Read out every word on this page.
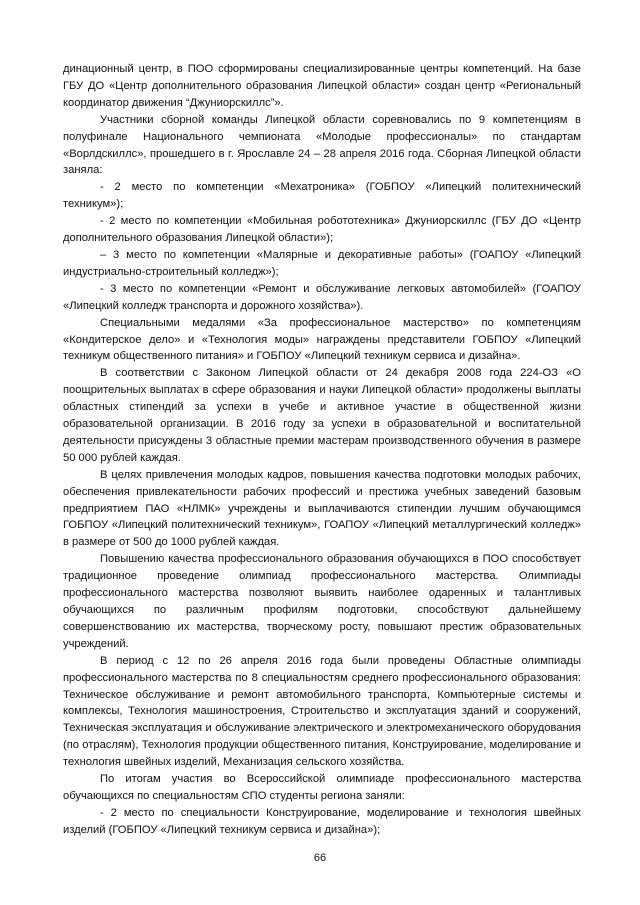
динационный центр, в ПОО сформированы специализированные центры компетенций. На базе ГБУ ДО «Центр дополнительного образования Липецкой области» создан центр «Региональный координатор движения “Джуниорскиллс”».

Участники сборной команды Липецкой области соревновались по 9 компетенциям в полуфинале Национального чемпионата «Молодые профессионалы» по стандартам «Ворлдскиллс», прошедшего в г. Ярославле 24 – 28 апреля 2016 года. Сборная Липецкой области заняла:

- 2 место по компетенции «Мехатроника» (ГОБПОУ «Липецкий политехнический техникум»);

- 2 место по компетенции «Мобильная робототехника» Джуниорскиллс (ГБУ ДО «Центр дополнительного образования Липецкой области»);

– 3 место по компетенции «Малярные и декоративные работы» (ГОАПОУ «Липецкий индустриально-строительный колледж»);

- 3 место по компетенции «Ремонт и обслуживание легковых автомобилей» (ГОАПОУ «Липецкий колледж транспорта и дорожного хозяйства»).

Специальными медалями «За профессиональное мастерство» по компетенциям «Кондитерское дело» и «Технология моды» награждены представители ГОБПОУ «Липецкий техникум общественного питания» и ГОБПОУ «Липецкий техникум сервиса и дизайна».

В соответствии с Законом Липецкой области от 24 декабря 2008 года 224-ОЗ «О поощрительных выплатах в сфере образования и науки Липецкой области» продолжены выплаты областных стипендий за успехи в учебе и активное участие в общественной жизни образовательной организации. В 2016 году за успехи в образовательной и воспитательной деятельности присуждены 3 областные премии мастерам производственного обучения в размере 50 000 рублей каждая.

В целях привлечения молодых кадров, повышения качества подготовки молодых рабочих, обеспечения привлекательности рабочих профессий и престижа учебных заведений базовым предприятием ПАО «НЛМК» учреждены и выплачиваются стипендии лучшим обучающимся ГОБПОУ «Липецкий политехнический техникум», ГОАПОУ «Липецкий металлургический колледж» в размере от 500 до 1000 рублей каждая.

Повышению качества профессионального образования обучающихся в ПОО способствует традиционное проведение олимпиад профессионального мастерства. Олимпиады профессионального мастерства позволяют выявить наиболее одаренных и талантливых обучающихся по различным профилям подготовки, способствуют дальнейшему совершенствованию их мастерства, творческому росту, повышают престиж образовательных учреждений.

В период с 12 по 26 апреля 2016 года были проведены Областные олимпиады профессионального мастерства по 8 специальностям среднего профессионального образования: Техническое обслуживание и ремонт автомобильного транспорта, Компьютерные системы и комплексы, Технология машиностроения, Строительство и эксплуатация зданий и сооружений, Техническая эксплуатация и обслуживание электрического и электромеханического оборудования (по отраслям), Технология продукции общественного питания, Конструирование, моделирование и технология швейных изделий, Механизация сельского хозяйства.

По итогам участия во Всероссийской олимпиаде профессионального мастерства обучающихся по специальностям СПО студенты региона заняли:

- 2 место по специальности Конструирование, моделирование и технология швейных изделий (ГОБПОУ «Липецкий техникум сервиса и дизайна»);

66
